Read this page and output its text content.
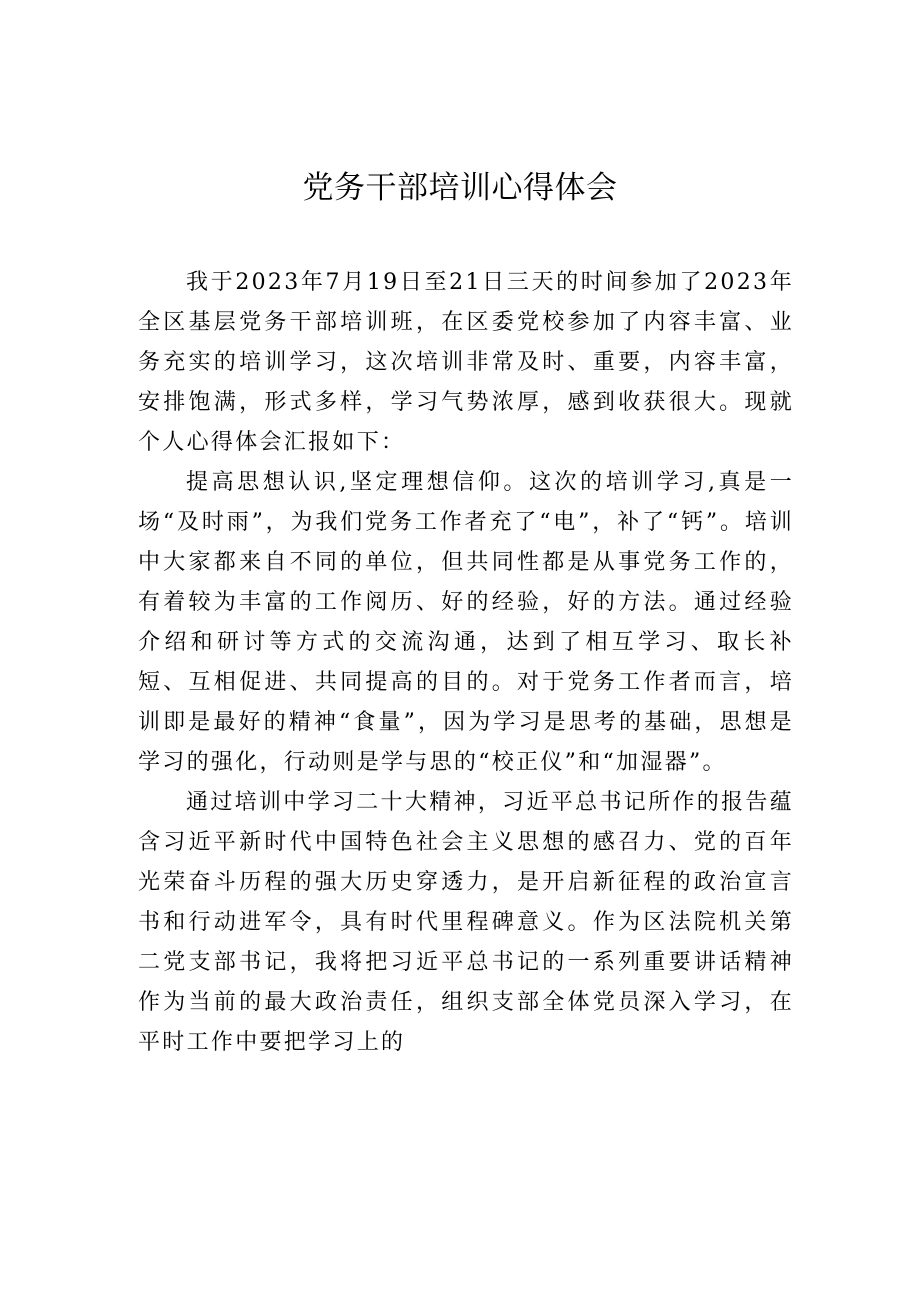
党务干部培训心得体会

我于2023年7月19日至21日三天的时间参加了2023年全区基层党务干部培训班，在区委党校参加了内容丰富、业务充实的培训学习，这次培训非常及时、重要，内容丰富，安排饱满，形式多样，学习气势浓厚，感到收获很大。现就个人心得体会汇报如下：

提高思想认识,坚定理想信仰。这次的培训学习,真是一场“及时雨”，为我们党务工作者充了“电”，补了“钙”。培训中大家都来自不同的单位，但共同性都是从事党务工作的，有着较为丰富的工作阅历、好的经验，好的方法。通过经验介绍和研讨等方式的交流沟通，达到了相互学习、取长补短、互相促进、共同提高的目的。对于党务工作者而言，培训即是最好的精神“食量”，因为学习是思考的基础，思想是学习的强化，行动则是学与思的“校正仪”和“加湿器”。

通过培训中学习二十大精神，习近平总书记所作的报告蕴含习近平新时代中国特色社会主义思想的感召力、党的百年光荣奋斗历程的强大历史穿透力，是开启新征程的政治宣言书和行动进军令，具有时代里程碑意义。作为区法院机关第二党支部书记，我将把习近平总书记的一系列重要讲话精神作为当前的最大政治责任，组织支部全体党员深入学习，在平时工作中要把学习上的
